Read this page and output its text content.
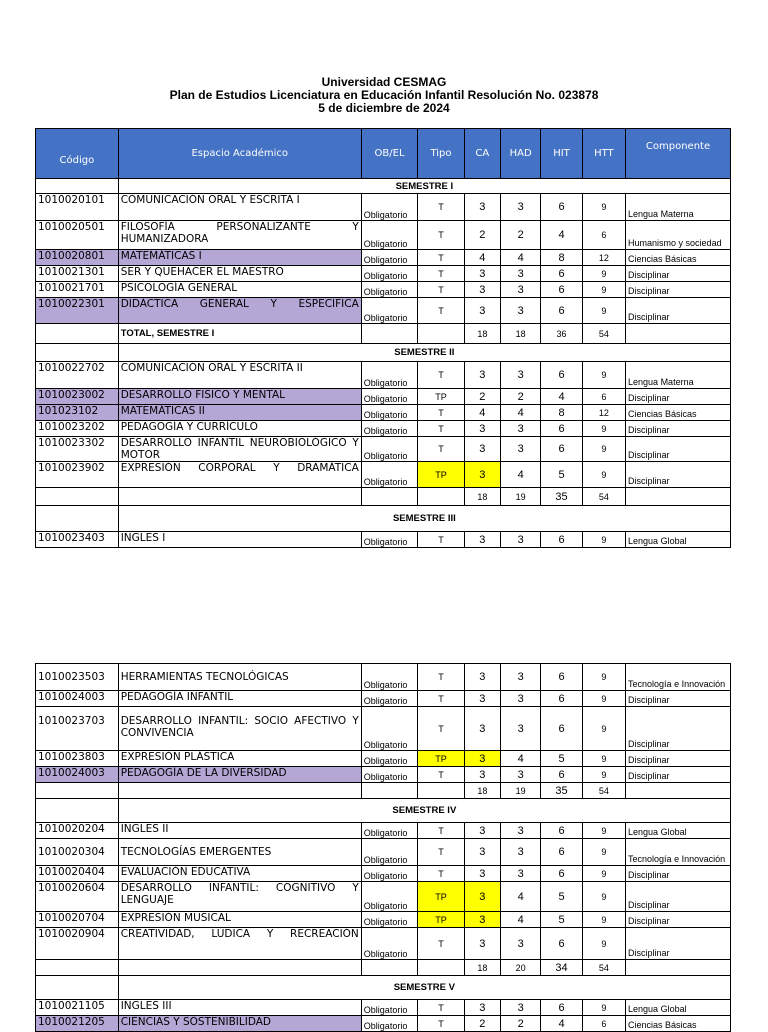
Universidad CESMAG
Plan de Estudios Licenciatura en Educación Infantil Resolución No. 023878
5 de diciembre de 2024
Código	Espacio Académico	OB/EL	Tipo	CA	HAD	HIT	HTT	Componente
	SEMESTRE I							
1010020101	COMUNICACIÓN ORAL Y ESCRITA I	Obligatorio	T	3	3	6	9	Lengua Materna
1010020501	FILOSOFÍA PERSONALIZANTE Y HUMANIZADORA	Obligatorio	T	2	2	4	6	Humanismo y sociedad
1010020801	MATEMÁTICAS I	Obligatorio	T	4	4	8	12	Ciencias Básicas
1010021301	SER Y QUEHACER EL MAESTRO	Obligatorio	T	3	3	6	9	Disciplinar
1010021701	PSICOLOGÍA GENERAL	Obligatorio	T	3	3	6	9	Disciplinar
1010022301	DIDÁCTICA GENERAL Y ESPECIFICA	Obligatorio	T	3	3	6	9	Disciplinar
	TOTAL, SEMESTRE I			18	18	36	54	
	SEMESTRE II							
1010022702	COMUNICACIÓN ORAL Y ESCRITA II	Obligatorio	T	3	3	6	9	Lengua Materna
1010023002	DESARROLLO FISICO Y MENTAL	Obligatorio	TP	2	2	4	6	Disciplinar
101023102	MATEMÁTICAS II	Obligatorio	T	4	4	8	12	Ciencias Básicas
1010023202	PEDAGOGÍA Y CURRÍCULO	Obligatorio	T	3	3	6	9	Disciplinar
1010023302	DESARROLLO INFANTIL NEUROBIOLÓGICO Y MOTOR	Obligatorio	T	3	3	6	9	Disciplinar
1010023902	EXPRESIÓN CORPORAL Y DRAMÁTICA	Obligatorio	TP	3	4	5	9	Disciplinar
				18	19	35	54	
	SEMESTRE III							
1010023403	INGLES I	Obligatorio	T	3	3	6	9	Lengua Global
1010023503	HERRAMIENTAS TECNOLÓGICAS	Obligatorio	T	3	3	6	9	Tecnología e Innovación
1010024003	PEDAGOGÍA INFANTIL	Obligatorio	T	3	3	6	9	Disciplinar
1010023703	DESARROLLO INFANTIL: SOCIO AFECTIVO Y CONVIVENCIA	Obligatorio	T	3	3	6	9	Disciplinar
1010023803	EXPRESIÓN PLÁSTICA	Obligatorio	TP	3	4	5	9	Disciplinar
1010024003	PEDAGOGÍA DE LA DIVERSIDAD	Obligatorio	T	3	3	6	9	Disciplinar
				18	19	35	54	
	SEMESTRE IV							
1010020204	INGLES II	Obligatorio	T	3	3	6	9	Lengua Global
1010020304	TECNOLOGÍAS EMERGENTES	Obligatorio	T	3	3	6	9	Tecnología e Innovación
1010020404	EVALUACIÓN EDUCATIVA	Obligatorio	T	3	3	6	9	Disciplinar
1010020604	DESARROLLO INFANTIL: COGNITIVO Y LENGUAJE	Obligatorio	TP	3	4	5	9	Disciplinar
1010020704	EXPRESIÓN MUSICAL	Obligatorio	TP	3	4	5	9	Disciplinar
1010020904	CREATIVIDAD, LÚDICA Y RECREACIÓN	Obligatorio	T	3	3	6	9	Disciplinar
				18	20	34	54	
	SEMESTRE V							
1010021105	INGLES III	Obligatorio	T	3	3	6	9	Lengua Global
1010021205	CIENCIAS Y SOSTENIBILIDAD	Obligatorio	T	2	2	4	6	Ciencias Básicas
